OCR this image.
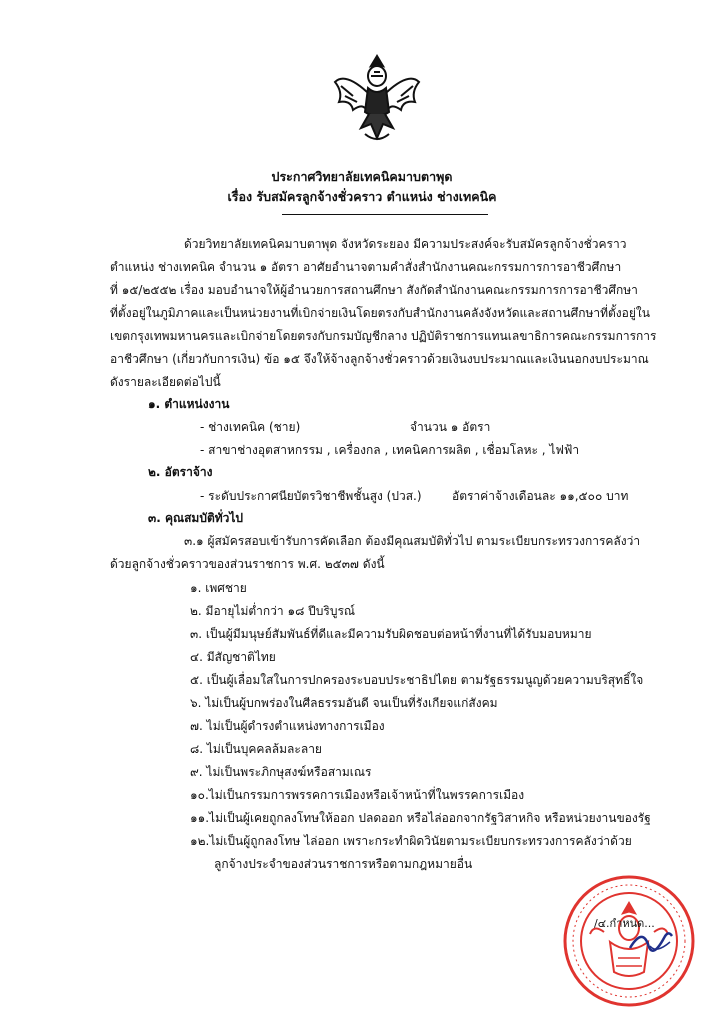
ประกาศวิทยาลัยเทคนิคมาบตาพุด
เรื่อง รับสมัครลูกจ้างชั่วคราว ตำแหน่ง ช่างเทคนิค
ด้วยวิทยาลัยเทคนิคมาบตาพุด จังหวัดระยอง มีความประสงค์จะรับสมัครลูกจ้างชั่วคราว
ตำแหน่ง ช่างเทคนิค จำนวน ๑ อัตรา อาศัยอำนาจตามคำสั่งสำนักงานคณะกรรมการการอาชีวศึกษา
ที่ ๑๕/๒๕๕๒ เรื่อง มอบอำนาจให้ผู้อำนวยการสถานศึกษา สังกัดสำนักงานคณะกรรมการการอาชีวศึกษา
ที่ตั้งอยู่ในภูมิภาคและเป็นหน่วยงานที่เบิกจ่ายเงินโดยตรงกับสำนักงานคลังจังหวัดและสถานศึกษาที่ตั้งอยู่ใน
เขตกรุงเทพมหานครและเบิกจ่ายโดยตรงกับกรมบัญชีกลาง ปฏิบัติราชการแทนเลขาธิการคณะกรรมการการ
อาชีวศึกษา (เกี่ยวกับการเงิน) ข้อ ๑๕ จึงให้จ้างลูกจ้างชั่วคราวด้วยเงินงบประมาณและเงินนอกงบประมาณ
ดังรายละเอียดต่อไปนี้
๑. ตำแหน่งงาน
- ช่างเทคนิค (ชาย)	จำนวน ๑ อัตรา
- สาขาช่างอุตสาหกรรม , เครื่องกล , เทคนิคการผลิต , เชื่อมโลหะ , ไฟฟ้า
๒. อัตราจ้าง
- ระดับประกาศนียบัตรวิชาชีพชั้นสูง (ปวส.)	อัตราค่าจ้างเดือนละ ๑๑,๕๐๐ บาท
๓. คุณสมบัติทั่วไป
๓.๑ ผู้สมัครสอบเข้ารับการคัดเลือก ต้องมีคุณสมบัติทั่วไป ตามระเบียบกระทรวงการคลังว่า
ด้วยลูกจ้างชั่วคราวของส่วนราชการ พ.ศ. ๒๕๓๗ ดังนี้
๑. เพศชาย
๒. มีอายุไม่ต่ำกว่า ๑๘ ปีบริบูรณ์
๓. เป็นผู้มีมนุษย์สัมพันธ์ที่ดีและมีความรับผิดชอบต่อหน้าที่งานที่ได้รับมอบหมาย
๔. มีสัญชาติไทย
๕. เป็นผู้เลื่อมใสในการปกครองระบอบประชาธิปไตย ตามรัฐธรรมนูญด้วยความบริสุทธิ์ใจ
๖. ไม่เป็นผู้บกพร่องในศีลธรรมอันดี จนเป็นที่รังเกียจแก่สังคม
๗. ไม่เป็นผู้ดำรงตำแหน่งทางการเมือง
๘. ไม่เป็นบุคคลล้มละลาย
๙. ไม่เป็นพระภิกษุสงฆ์หรือสามเณร
๑๐.ไม่เป็นกรรมการพรรคการเมืองหรือเจ้าหน้าที่ในพรรคการเมือง
๑๑.ไม่เป็นผู้เคยถูกลงโทษให้ออก ปลดออก หรือไล่ออกจากรัฐวิสาหกิจ หรือหน่วยงานของรัฐ
๑๒.ไม่เป็นผู้ถูกลงโทษ ไล่ออก เพราะกระทำผิดวินัยตามระเบียบกระทรวงการคลังว่าด้วย
ลูกจ้างประจำของส่วนราชการหรือตามกฎหมายอื่น
/๔.กำหนด...
